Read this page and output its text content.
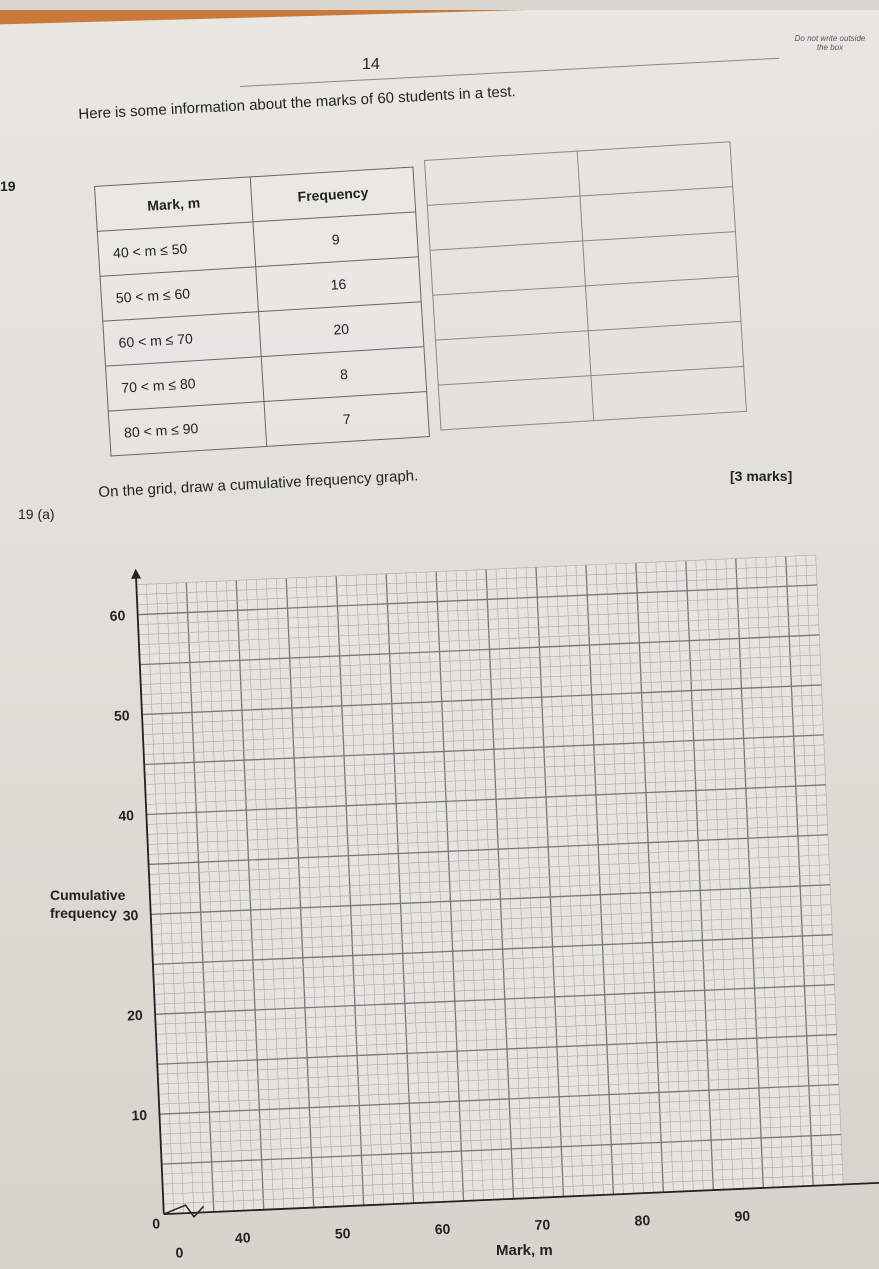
14
Do not write outside the box
19
Here is some information about the marks of 60 students in a test.
Mark, m	Frequency
40 < m ≤ 50	9
50 < m ≤ 60	16
60 < m ≤ 70	20
70 < m ≤ 80	8
80 < m ≤ 90	7

On the grid, draw a cumulative frequency graph.	[3 marks]
19 (a)
Cumulative frequency
Mark, m
10
20
30
40
50
60
0
40	50	60	70	80	90
0
